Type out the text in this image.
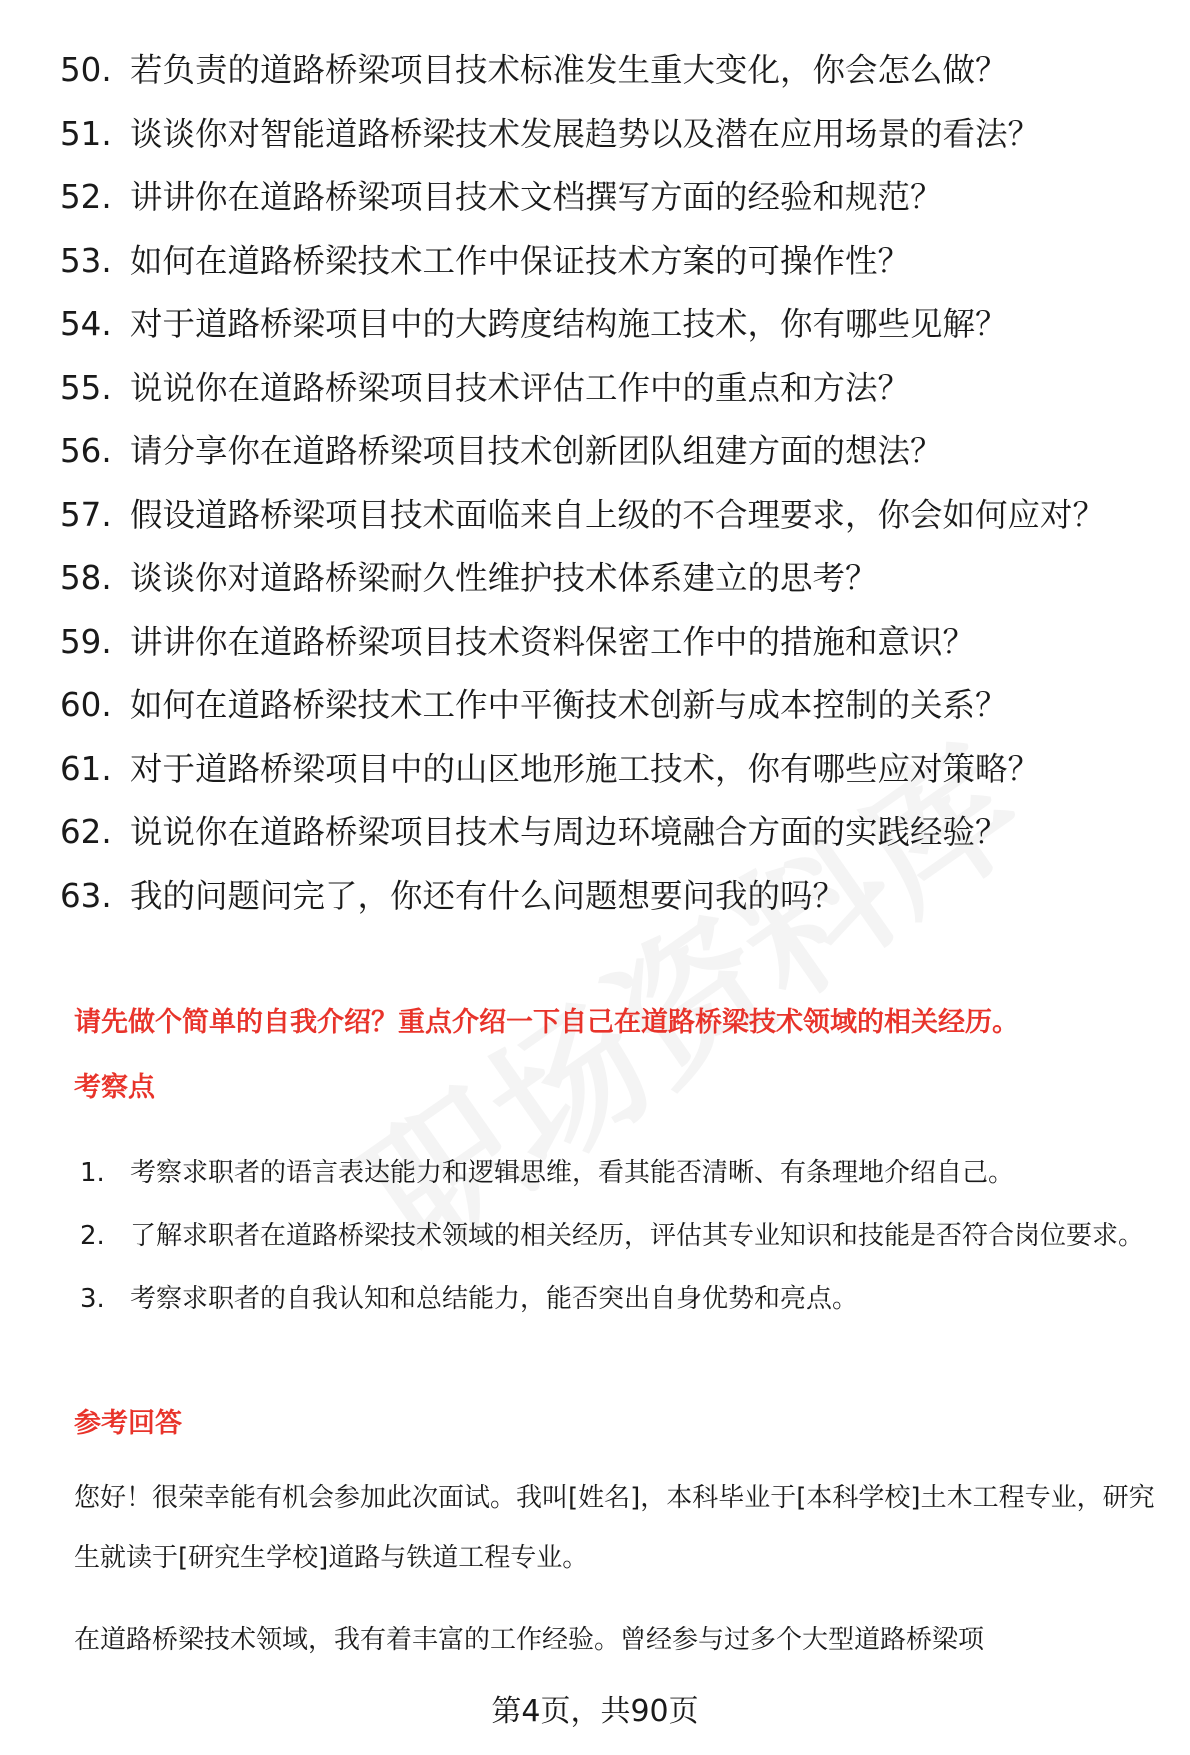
50. 若负责的道路桥梁项目技术标准发生重大变化，你会怎么做？
51. 谈谈你对智能道路桥梁技术发展趋势以及潜在应用场景的看法？
52. 讲讲你在道路桥梁项目技术文档撰写方面的经验和规范？
53. 如何在道路桥梁技术工作中保证技术方案的可操作性？
54. 对于道路桥梁项目中的大跨度结构施工技术，你有哪些见解？
55. 说说你在道路桥梁项目技术评估工作中的重点和方法？
56. 请分享你在道路桥梁项目技术创新团队组建方面的想法？
57. 假设道路桥梁项目技术面临来自上级的不合理要求，你会如何应对？
58. 谈谈你对道路桥梁耐久性维护技术体系建立的思考？
59. 讲讲你在道路桥梁项目技术资料保密工作中的措施和意识？
60. 如何在道路桥梁技术工作中平衡技术创新与成本控制的关系？
61. 对于道路桥梁项目中的山区地形施工技术，你有哪些应对策略？
62. 说说你在道路桥梁项目技术与周边环境融合方面的实践经验？
63. 我的问题问完了，你还有什么问题想要问我的吗？
请先做个简单的自我介绍？重点介绍一下自己在道路桥梁技术领域的相关经历。
考察点
1. 考察求职者的语言表达能力和逻辑思维，看其能否清晰、有条理地介绍自己。
2. 了解求职者在道路桥梁技术领域的相关经历，评估其专业知识和技能是否符合岗位要求。
3. 考察求职者的自我认知和总结能力，能否突出自身优势和亮点。
参考回答
您好！很荣幸能有机会参加此次面试。我叫[姓名]，本科毕业于[本科学校]土木工程专业，研究生就读于[研究生学校]道路与铁道工程专业。
在道路桥梁技术领域，我有着丰富的工作经验。曾经参与过多个大型道路桥梁项
第4页，共90页
